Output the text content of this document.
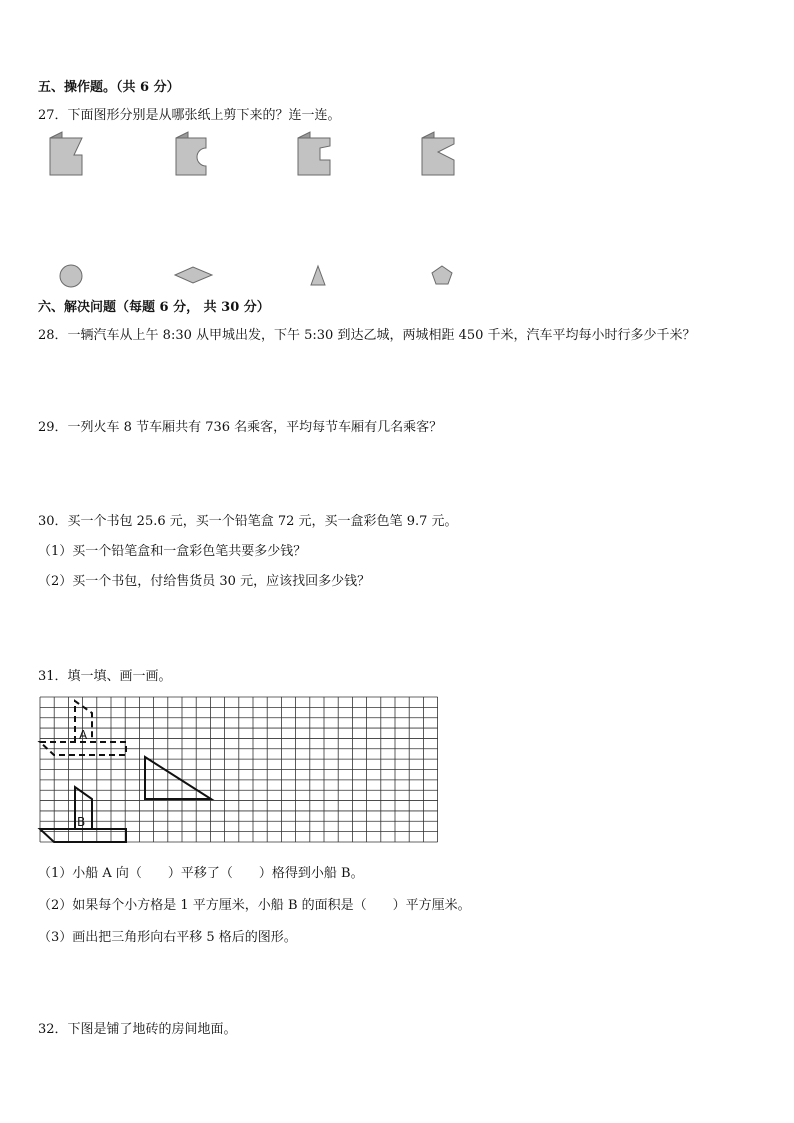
五、操作题。（共 6 分）
27．下面图形分别是从哪张纸上剪下来的？连一连。
六、解决问题（每题 6 分， 共 30 分）
28．一辆汽车从上午 8:30 从甲城出发，下午 5:30 到达乙城，两城相距 450 千米，汽车平均每小时行多少千米？
29．一列火车 8 节车厢共有 736 名乘客，平均每节车厢有几名乘客？
30．买一个书包 25.6 元，买一个铅笔盒 72 元，买一盒彩色笔 9.7 元。
（1）买一个铅笔盒和一盒彩色笔共要多少钱？
（2）买一个书包，付给售货员 30 元，应该找回多少钱？
31．填一填、画一画。
A
B
（1）小船 A 向（　　）平移了（　　）格得到小船 B。
（2）如果每个小方格是 1 平方厘米，小船 B 的面积是（　　）平方厘米。
（3）画出把三角形向右平移 5 格后的图形。
32．下图是铺了地砖的房间地面。
